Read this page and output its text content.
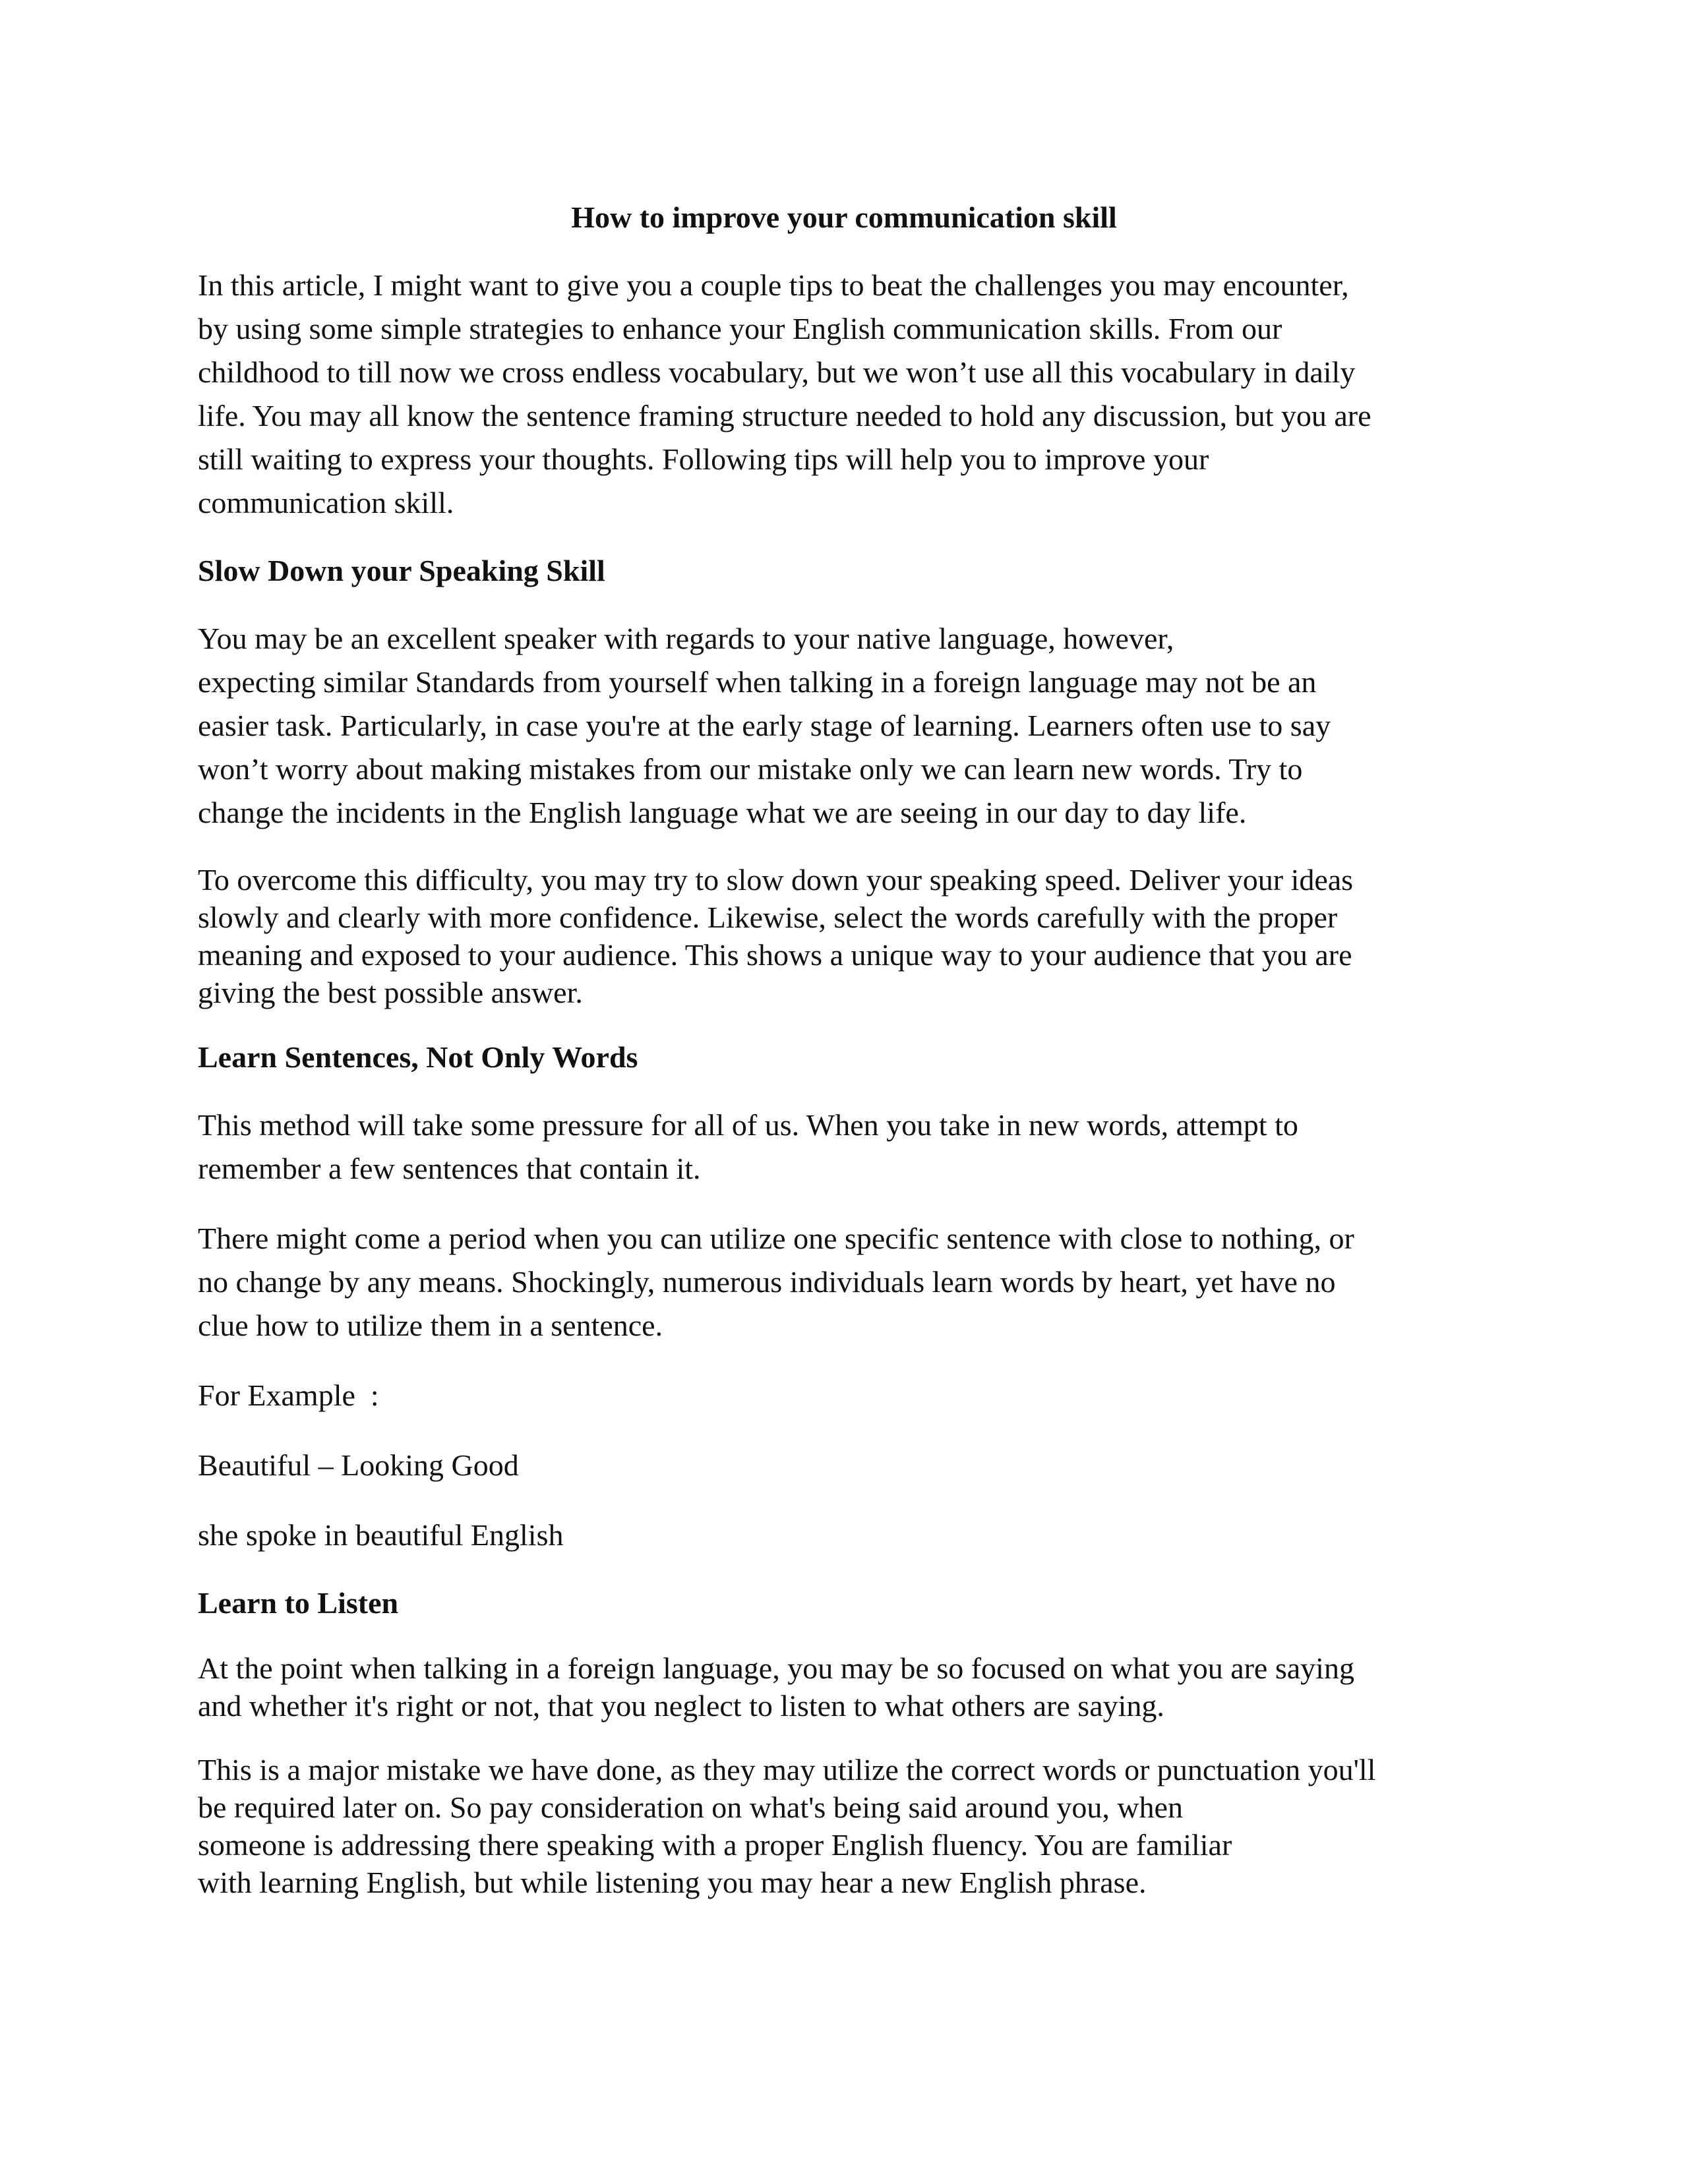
How to improve your communication skill
In this article, I might want to give you a couple tips to beat the challenges you may encounter,
by using some simple strategies to enhance your English communication skills. From our
childhood to till now we cross endless vocabulary, but we won’t use all this vocabulary in daily
life. You may all know the sentence framing structure needed to hold any discussion, but you are
still waiting to express your thoughts. Following tips will help you to improve your
communication skill.
Slow Down your Speaking Skill
You may be an excellent speaker with regards to your native language, however,
expecting similar Standards from yourself when talking in a foreign language may not be an
easier task. Particularly, in case you're at the early stage of learning. Learners often use to say
won’t worry about making mistakes from our mistake only we can learn new words. Try to
change the incidents in the English language what we are seeing in our day to day life.
To overcome this difficulty, you may try to slow down your speaking speed. Deliver your ideas
slowly and clearly with more confidence. Likewise, select the words carefully with the proper
meaning and exposed to your audience. This shows a unique way to your audience that you are
giving the best possible answer.
Learn Sentences, Not Only Words
This method will take some pressure for all of us. When you take in new words, attempt to
remember a few sentences that contain it.
There might come a period when you can utilize one specific sentence with close to nothing, or
no change by any means. Shockingly, numerous individuals learn words by heart, yet have no
clue how to utilize them in a sentence.
For Example  :
Beautiful – Looking Good
she spoke in beautiful English
Learn to Listen
At the point when talking in a foreign language, you may be so focused on what you are saying
and whether it's right or not, that you neglect to listen to what others are saying.
This is a major mistake we have done, as they may utilize the correct words or punctuation you'll
be required later on. So pay consideration on what's being said around you, when
someone is addressing there speaking with a proper English fluency. You are familiar
with learning English, but while listening you may hear a new English phrase.
